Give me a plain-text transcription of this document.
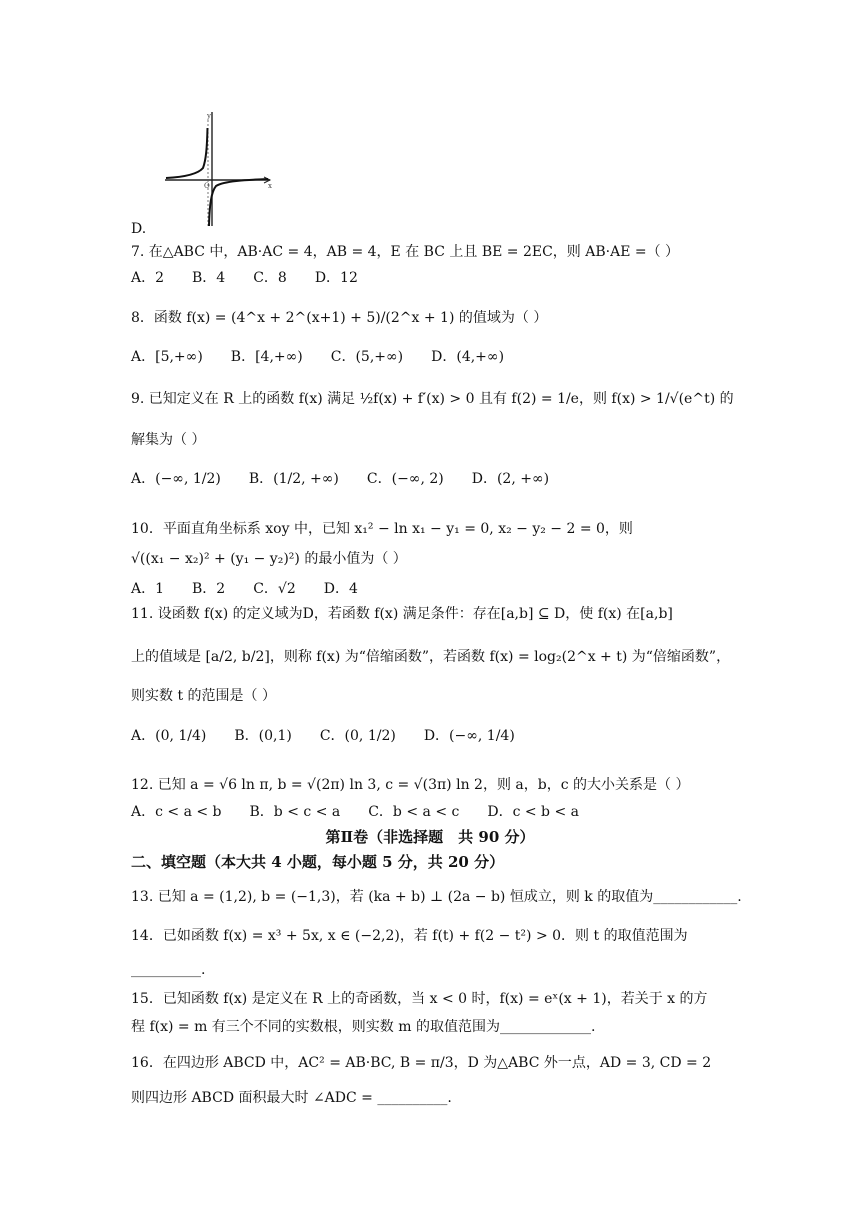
y
x
O
D.
7. 在△ABC 中，AB·AC = 4，AB = 4，E 在 BC 上且 BE = 2EC，则 AB·AE =（ ）
A．2　　B．4　　C．8　　D．12
8．函数 f(x) = (4^x + 2^(x+1) + 5)/(2^x + 1) 的值域为（ ）
A．[5,+∞)　　B．[4,+∞)　　C．(5,+∞)　　D．(4,+∞)
9. 已知定义在 R 上的函数 f(x) 满足 ½f(x) + f′(x) > 0 且有 f(2) = 1/e，则 f(x) > 1/√(e^t) 的
解集为（ ）
A．(−∞, 1/2)　　B．(1/2, +∞)　　C．(−∞, 2)　　D．(2, +∞)
10．平面直角坐标系 xoy 中，已知 x₁² − ln x₁ − y₁ = 0, x₂ − y₂ − 2 = 0，则
√((x₁ − x₂)² + (y₁ − y₂)²) 的最小值为（ ）
A．1　　B．2　　C．√2　　D．4
11. 设函数 f(x) 的定义域为D，若函数 f(x) 满足条件：存在[a,b] ⊆ D，使 f(x) 在[a,b]
上的值域是 [a/2, b/2]，则称 f(x) 为“倍缩函数”，若函数 f(x) = log₂(2^x + t) 为“倍缩函数”，
则实数 t 的范围是（ ）
A．(0, 1/4)　　B．(0,1)　　C．(0, 1/2)　　D．(−∞, 1/4)
12. 已知 a = √6 ln π, b = √(2π) ln 3, c = √(3π) ln 2，则 a，b，c 的大小关系是（ ）
A．c < a < b　　B．b < c < a　　C．b < a < c　　D．c < b < a
第Ⅱ卷（非选择题　共 90 分）
二、填空题（本大共 4 小题，每小题 5 分，共 20 分）
13. 已知 a = (1,2), b = (−1,3)，若 (ka + b) ⊥ (2a − b) 恒成立，则 k 的取值为____________.
14．已如函数 f(x) = x³ + 5x, x ∈ (−2,2)，若 f(t) + f(2 − t²) > 0．则 t 的取值范围为
__________.
15．已知函数 f(x) 是定义在 R 上的奇函数，当 x < 0 时，f(x) = eˣ(x + 1)，若关于 x 的方
程 f(x) = m 有三个不同的实数根，则实数 m 的取值范围为_____________.
16．在四边形 ABCD 中，AC² = AB·BC, B = π/3，D 为△ABC 外一点，AD = 3, CD = 2
则四边形 ABCD 面积最大时 ∠ADC = __________.
